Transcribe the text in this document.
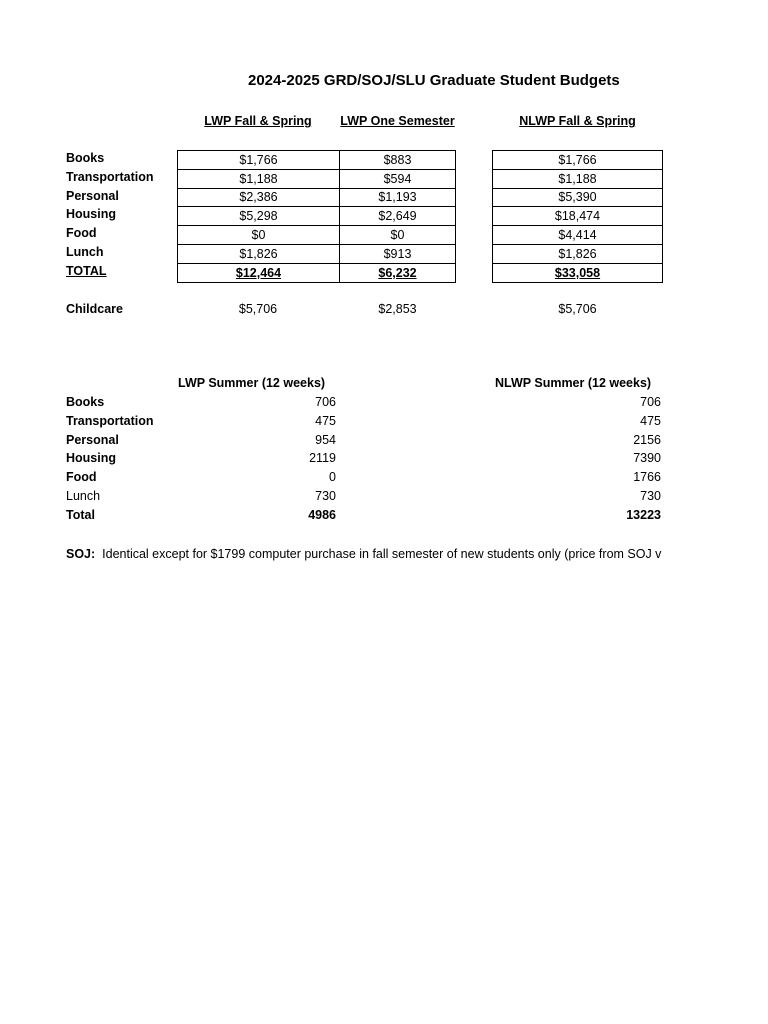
2024-2025 GRD/SOJ/SLU Graduate Student Budgets
LWP Fall & Spring	LWP One Semester	NLWP Fall & Spring
Books	$1,766	$883	$1,766
Transportation	$1,188	$594	$1,188
Personal	$2,386	$1,193	$5,390
Housing	$5,298	$2,649	$18,474
Food	$0	$0	$4,414
Lunch	$1,826	$913	$1,826
TOTAL	$12,464	$6,232	$33,058
Childcare	$5,706	$2,853	$5,706
LWP Summer (12 weeks)	NLWP Summer (12 weeks)
Books	706	706
Transportation	475	475
Personal	954	2156
Housing	2119	7390
Food	0	1766
Lunch	730	730
Total	4986	13223
SOJ: Identical except for $1799 computer purchase in fall semester of new students only (price from SOJ v
